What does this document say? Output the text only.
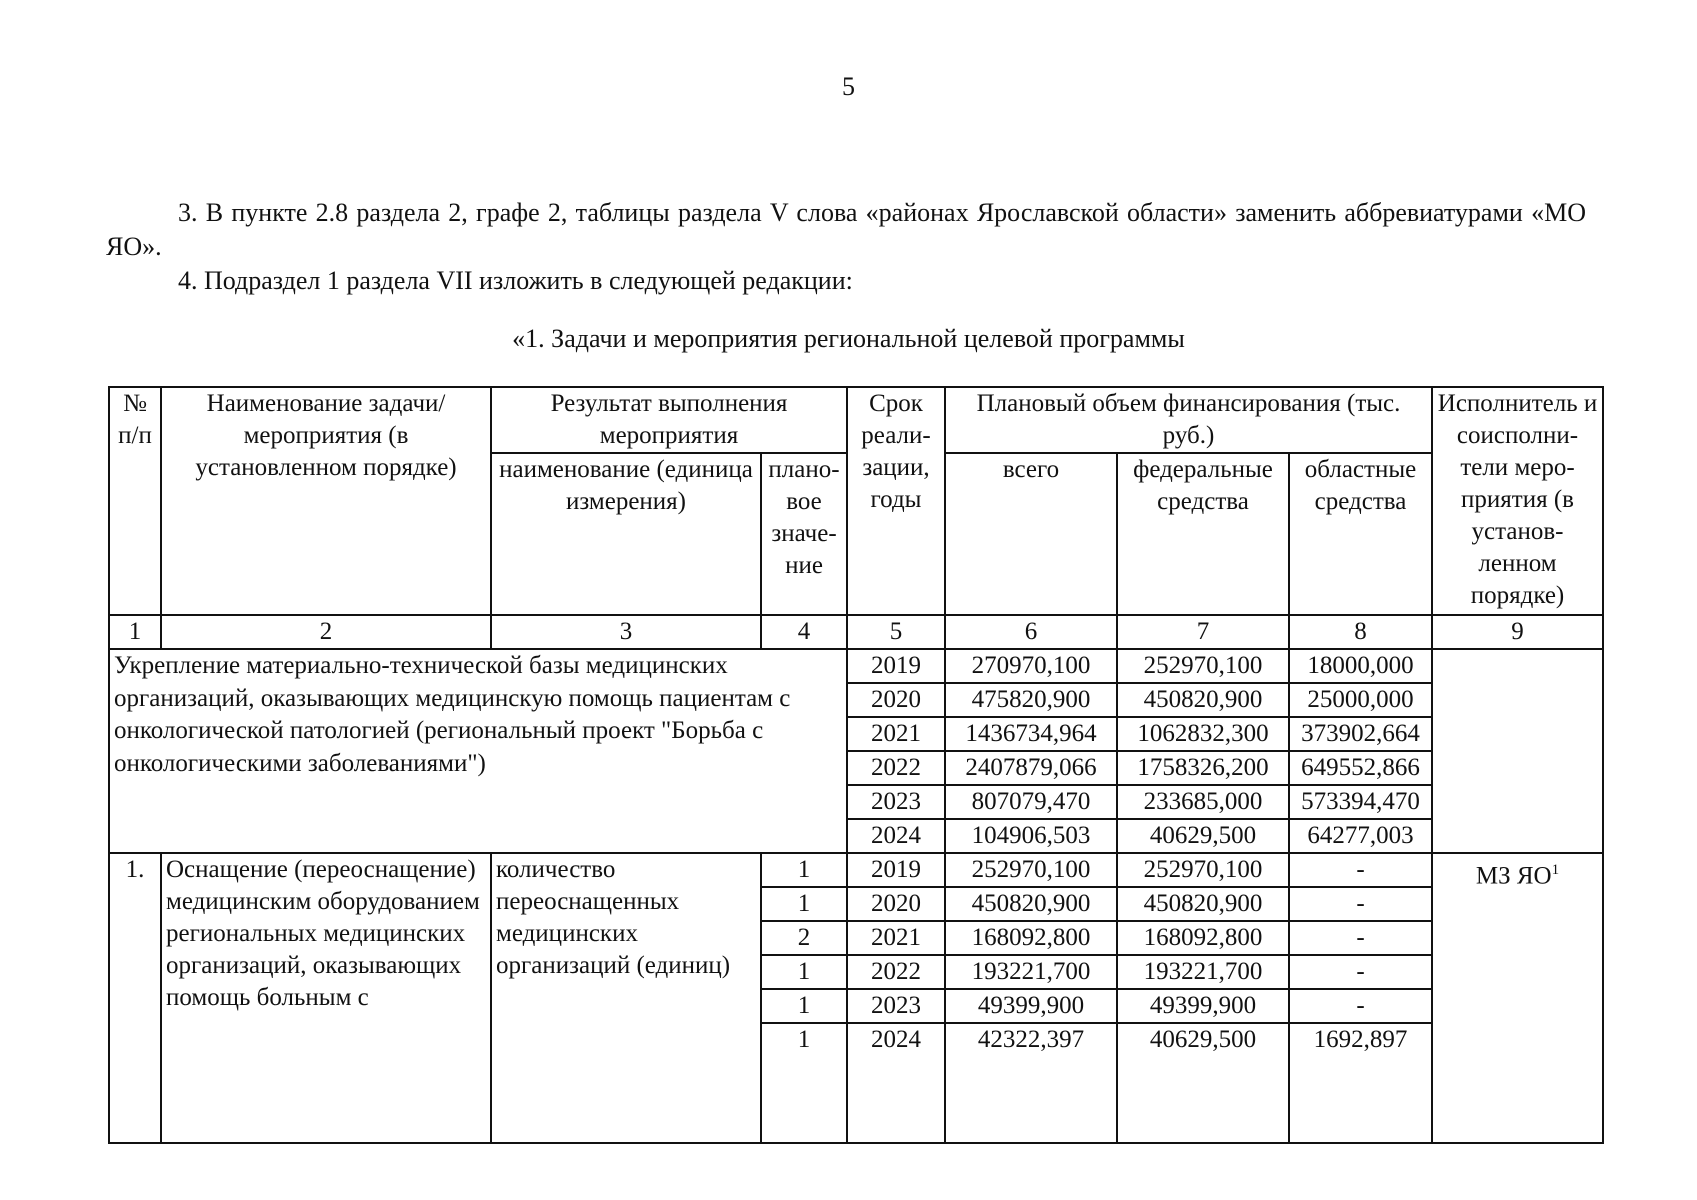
5
3. В пункте 2.8 раздела 2, графе 2, таблицы раздела V слова «районах Ярославской области» заменить аббревиатурами «МО ЯО».
4. Подраздел 1 раздела VII изложить в следующей редакции:
«1. Задачи и мероприятия региональной целевой программы
№ п/п	Наименование задачи/мероприятия (в установленном порядке)	Результат выполнения мероприятия		Срок реали-зации, годы	Плановый объем финансирования (тыс. руб.)			Исполнитель и соисполни-тели меро-приятия (в установ-ленном порядке)
		наименование (единица измерения)	плано-вое значе-ние		всего	федеральные средства	областные средства	
1	2	3	4	5	6	7	8	9
Укрепление материально-технической базы медицинских организаций, оказывающих медицинскую помощь пациентам с онкологической патологией (региональный проект "Борьба с онкологическими заболеваниями")				2019	270970,100	252970,100	18000,000	
				2020	475820,900	450820,900	25000,000	
				2021	1436734,964	1062832,300	373902,664	
				2022	2407879,066	1758326,200	649552,866	
				2023	807079,470	233685,000	573394,470	
				2024	104906,503	40629,500	64277,003	
1.	Оснащение (переоснащение) медицинским оборудованием региональных медицинских организаций, оказывающих помощь больным с	количество переоснащенных медицинских организаций (единиц)	1	2019	252970,100	252970,100	-	МЗ $ЯО^1$
			1	2020	450820,900	450820,900	-	
			2	2021	168092,800	168092,800	-	
			1	2022	193221,700	193221,700	-	
			1	2023	49399,900	49399,900	-	
			1	2024	42322,397	40629,500	1692,897	
